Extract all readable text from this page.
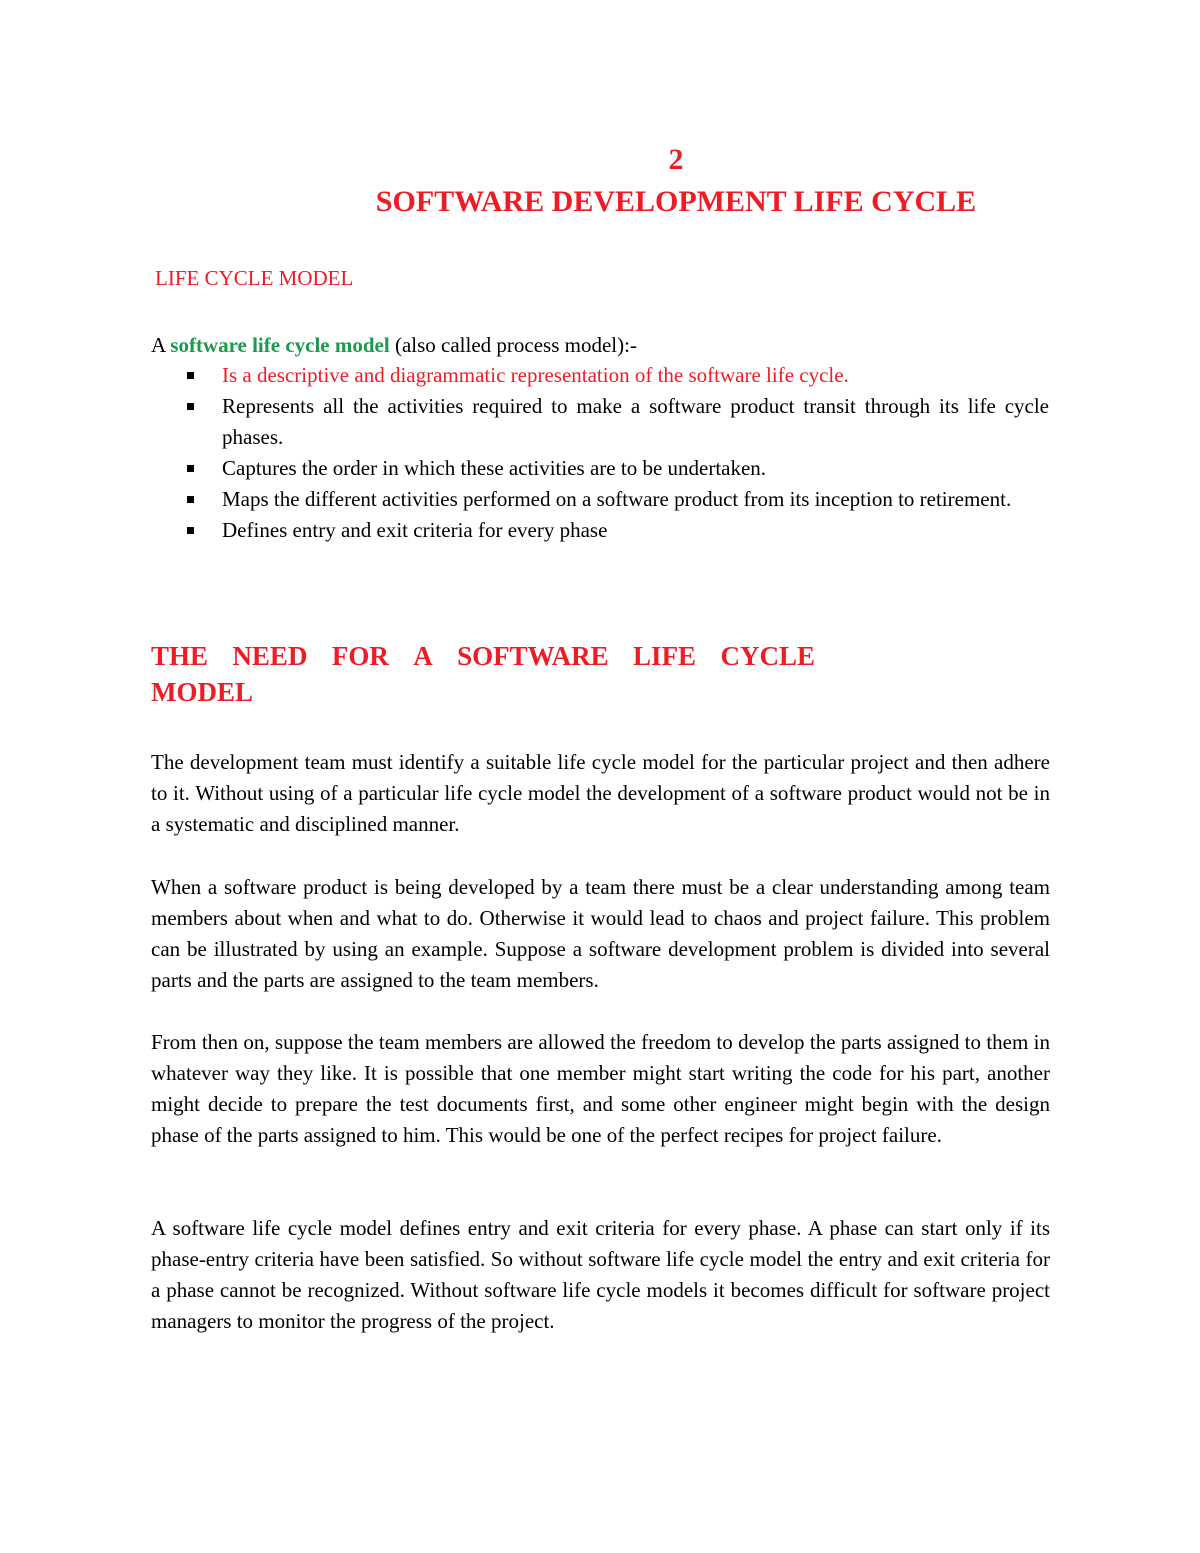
2
SOFTWARE DEVELOPMENT LIFE CYCLE
LIFE CYCLE MODEL
A software life cycle model (also called process model):-
Is a descriptive and diagrammatic representation of the software life cycle.
Represents all the activities required to make a software product transit through its life cycle phases.
Captures the order in which these activities are to be undertaken.
Maps the different activities performed on a software product from its inception to retirement.
Defines entry and exit criteria for every phase
THE NEED FOR A SOFTWARE LIFE CYCLE
MODEL

The development team must identify a suitable life cycle model for the particular project and then adhere to it. Without using of a particular life cycle model the development of a software product would not be in a systematic and disciplined manner.

When a software product is being developed by a team there must be a clear understanding among team members about when and what to do. Otherwise it would lead to chaos and project failure. This problem can be illustrated by using an example. Suppose a software development problem is divided into several parts and the parts are assigned to the team members.

From then on, suppose the team members are allowed the freedom to develop the parts assigned to them in whatever way they like. It is possible that one member might start writing the code for his part, another might decide to prepare the test documents first, and some other engineer might begin with the design phase of the parts assigned to him. This would be one of the perfect recipes for project failure.

A software life cycle model defines entry and exit criteria for every phase. A phase can start only if its phase-entry criteria have been satisfied. So without software life cycle model the entry and exit criteria for a phase cannot be recognized. Without software life cycle models it becomes difficult for software project managers to monitor the progress of the project.
